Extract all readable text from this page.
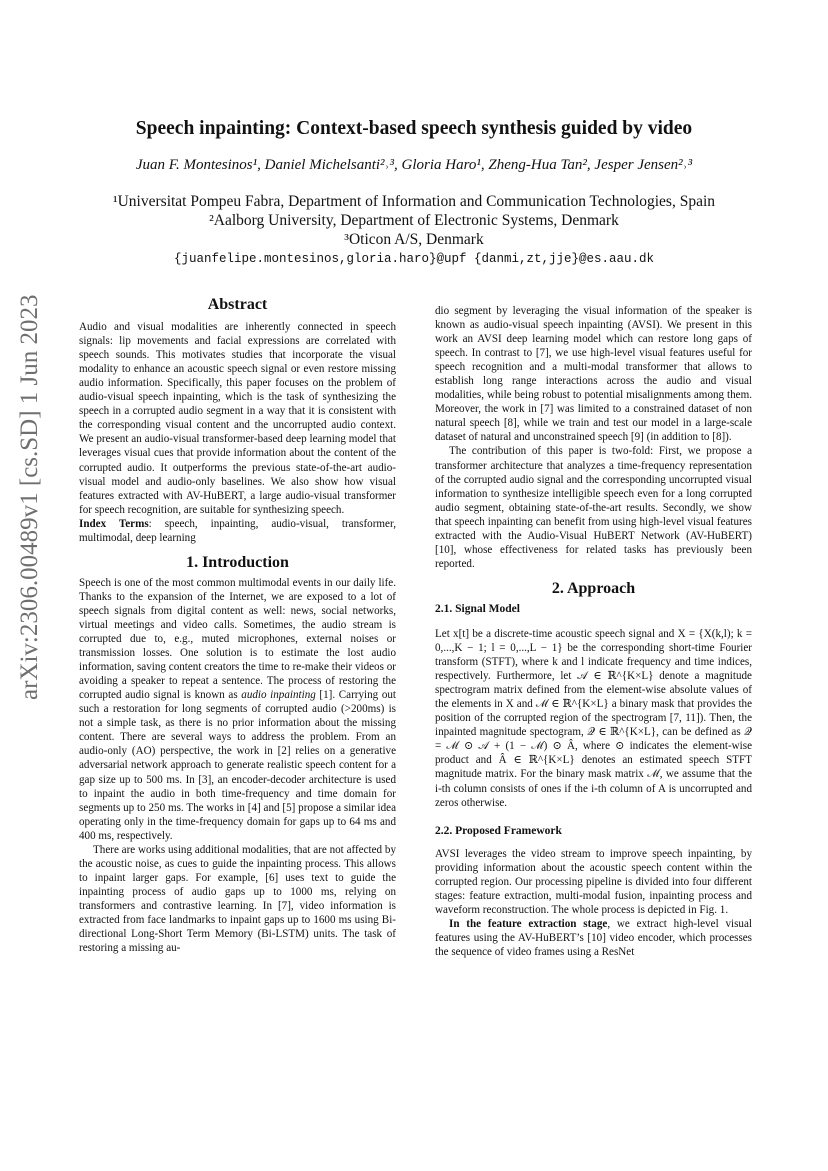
arXiv:2306.00489v1 [cs.SD] 1 Jun 2023
Speech inpainting: Context-based speech synthesis guided by video
Juan F. Montesinos¹, Daniel Michelsanti²˒³, Gloria Haro¹, Zheng-Hua Tan², Jesper Jensen²˒³
¹Universitat Pompeu Fabra, Department of Information and Communication Technologies, Spain
²Aalborg University, Department of Electronic Systems, Denmark
³Oticon A/S, Denmark
{juanfelipe.montesinos,gloria.haro}@upf {danmi,zt,jje}@es.aau.dk
Abstract

Audio and visual modalities are inherently connected in speech signals: lip movements and facial expressions are correlated with speech sounds. This motivates studies that incorporate the visual modality to enhance an acoustic speech signal or even restore missing audio information. Specifically, this paper focuses on the problem of audio-visual speech inpainting, which is the task of synthesizing the speech in a corrupted audio segment in a way that it is consistent with the corresponding visual content and the uncorrupted audio context. We present an audio-visual transformer-based deep learning model that leverages visual cues that provide information about the content of the corrupted audio. It outperforms the previous state-of-the-art audio-visual model and audio-only baselines. We also show how visual features extracted with AV-HuBERT, a large audio-visual transformer for speech recognition, are suitable for synthesizing speech.

Index Terms: speech, inpainting, audio-visual, transformer, multimodal, deep learning

1. Introduction

Speech is one of the most common multimodal events in our daily life. Thanks to the expansion of the Internet, we are exposed to a lot of speech signals from digital content as well: news, social networks, virtual meetings and video calls. Sometimes, the audio stream is corrupted due to, e.g., muted microphones, external noises or transmission losses. One solution is to estimate the lost audio information, saving content creators the time to re-make their videos or avoiding a speaker to repeat a sentence. The process of restoring the corrupted audio signal is known as audio inpainting [1]. Carrying out such a restoration for long segments of corrupted audio (>200ms) is not a simple task, as there is no prior information about the missing content. There are several ways to address the problem. From an audio-only (AO) perspective, the work in [2] relies on a generative adversarial network approach to generate realistic speech content for a gap size up to 500 ms. In [3], an encoder-decoder architecture is used to inpaint the audio in both time-frequency and time domain for segments up to 250 ms. The works in [4] and [5] propose a similar idea operating only in the time-frequency domain for gaps up to 64 ms and 400 ms, respectively.

There are works using additional modalities, that are not affected by the acoustic noise, as cues to guide the inpainting process. This allows to inpaint larger gaps. For example, [6] uses text to guide the inpainting process of audio gaps up to 1000 ms, relying on transformers and contrastive learning. In [7], video information is extracted from face landmarks to inpaint gaps up to 1600 ms using Bi-directional Long-Short Term Memory (Bi-LSTM) units. The task of restoring a missing au-

dio segment by leveraging the visual information of the speaker is known as audio-visual speech inpainting (AVSI). We present in this work an AVSI deep learning model which can restore long gaps of speech. In contrast to [7], we use high-level visual features useful for speech recognition and a multi-modal transformer that allows to establish long range interactions across the audio and visual modalities, while being robust to potential misalignments among them. Moreover, the work in [7] was limited to a constrained dataset of non natural speech [8], while we train and test our model in a large-scale dataset of natural and unconstrained speech [9] (in addition to [8]).

The contribution of this paper is two-fold: First, we propose a transformer architecture that analyzes a time-frequency representation of the corrupted audio signal and the corresponding uncorrupted visual information to synthesize intelligible speech even for a long corrupted audio segment, obtaining state-of-the-art results. Secondly, we show that speech inpainting can benefit from using high-level visual features extracted with the Audio-Visual HuBERT Network (AV-HuBERT) [10], whose effectiveness for related tasks has previously been reported.

2. Approach
2.1. Signal Model

Let x[t] be a discrete-time acoustic speech signal and X = {X(k,l); k = 0,...,K − 1; l = 0,...,L − 1} be the corresponding short-time Fourier transform (STFT), where k and l indicate frequency and time indices, respectively. Furthermore, let 𝒜 ∈ ℝ^{K×L} denote a magnitude spectrogram matrix defined from the element-wise absolute values of the elements in X and ℳ ∈ ℝ^{K×L} a binary mask that provides the position of the corrupted region of the spectrogram [7, 11]). Then, the inpainted magnitude spectogram, 𝒬 ∈ ℝ^{K×L}, can be defined as 𝒬 = ℳ ⊙ 𝒜 + (1 − ℳ) ⊙ Â, where ⊙ indicates the element-wise product and Â ∈ ℝ^{K×L} denotes an estimated speech STFT magnitude matrix. For the binary mask matrix ℳ, we assume that the i-th column consists of ones if the i-th column of A is uncorrupted and zeros otherwise.

2.2. Proposed Framework

AVSI leverages the video stream to improve speech inpainting, by providing information about the acoustic speech content within the corrupted region. Our processing pipeline is divided into four different stages: feature extraction, multi-modal fusion, inpainting process and waveform reconstruction. The whole process is depicted in Fig. 1.

In the feature extraction stage, we extract high-level visual features using the AV-HuBERT’s [10] video encoder, which processes the sequence of video frames using a ResNet
